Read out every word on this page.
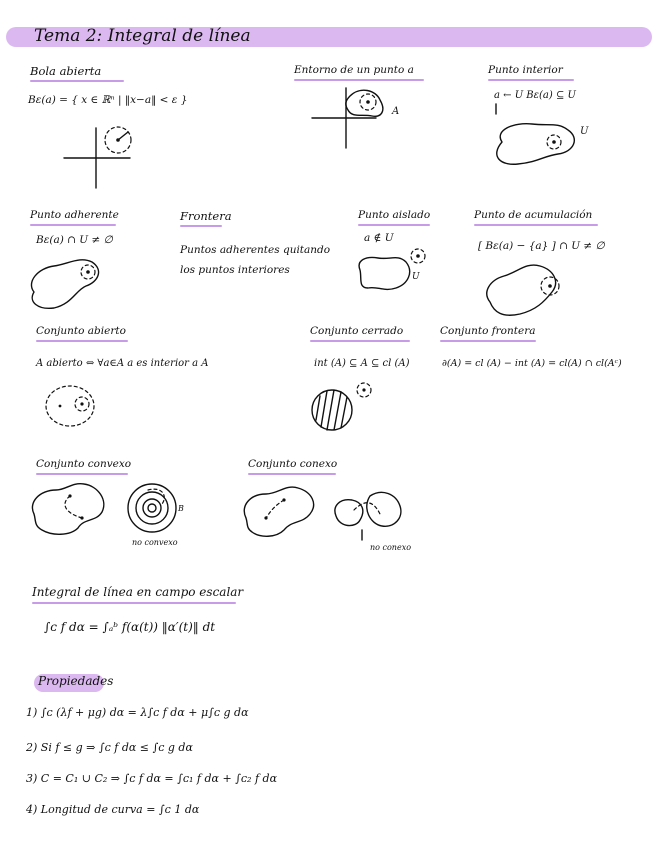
Tema 2: Integral de línea
Bola abierta
Bε(a) = { x ∈ ℝⁿ | ‖x−a‖ < ε }
Entorno de un punto a
A
Punto interior
a ← U Bε(a) ⊆ U
U
Punto adherente
Bε(a) ∩ U ≠ ∅
Frontera
Puntos adherentes quitando
los puntos interiores
Punto aislado
a ∉ U
U
Punto de acumulación
[ Bε(a) − {a} ] ∩ U ≠ ∅
Conjunto abierto
A abierto ⇔ ∀a∈A a es interior a A
Conjunto cerrado
int (A) ⊆ A ⊆ cl (A)
Conjunto frontera
∂(A) = cl (A) − int (A) = cl(A) ∩ cl(Aᶜ)
Conjunto convexo
B
no convexo
Conjunto conexo
no conexo
Integral de línea en campo escalar
∫ᴄ f dα = ∫ₐᵇ f(α(t)) ‖α′(t)‖ dt
Propiedades
1) ∫ᴄ (λf + μg) dα = λ∫ᴄ f dα + μ∫ᴄ g dα
2) Si f ≤ g ⇒ ∫ᴄ f dα ≤ ∫ᴄ g dα
3) C = C₁ ∪ C₂ ⇒ ∫ᴄ f dα = ∫ᴄ₁ f dα + ∫ᴄ₂ f dα
4) Longitud de curva = ∫ᴄ 1 dα
